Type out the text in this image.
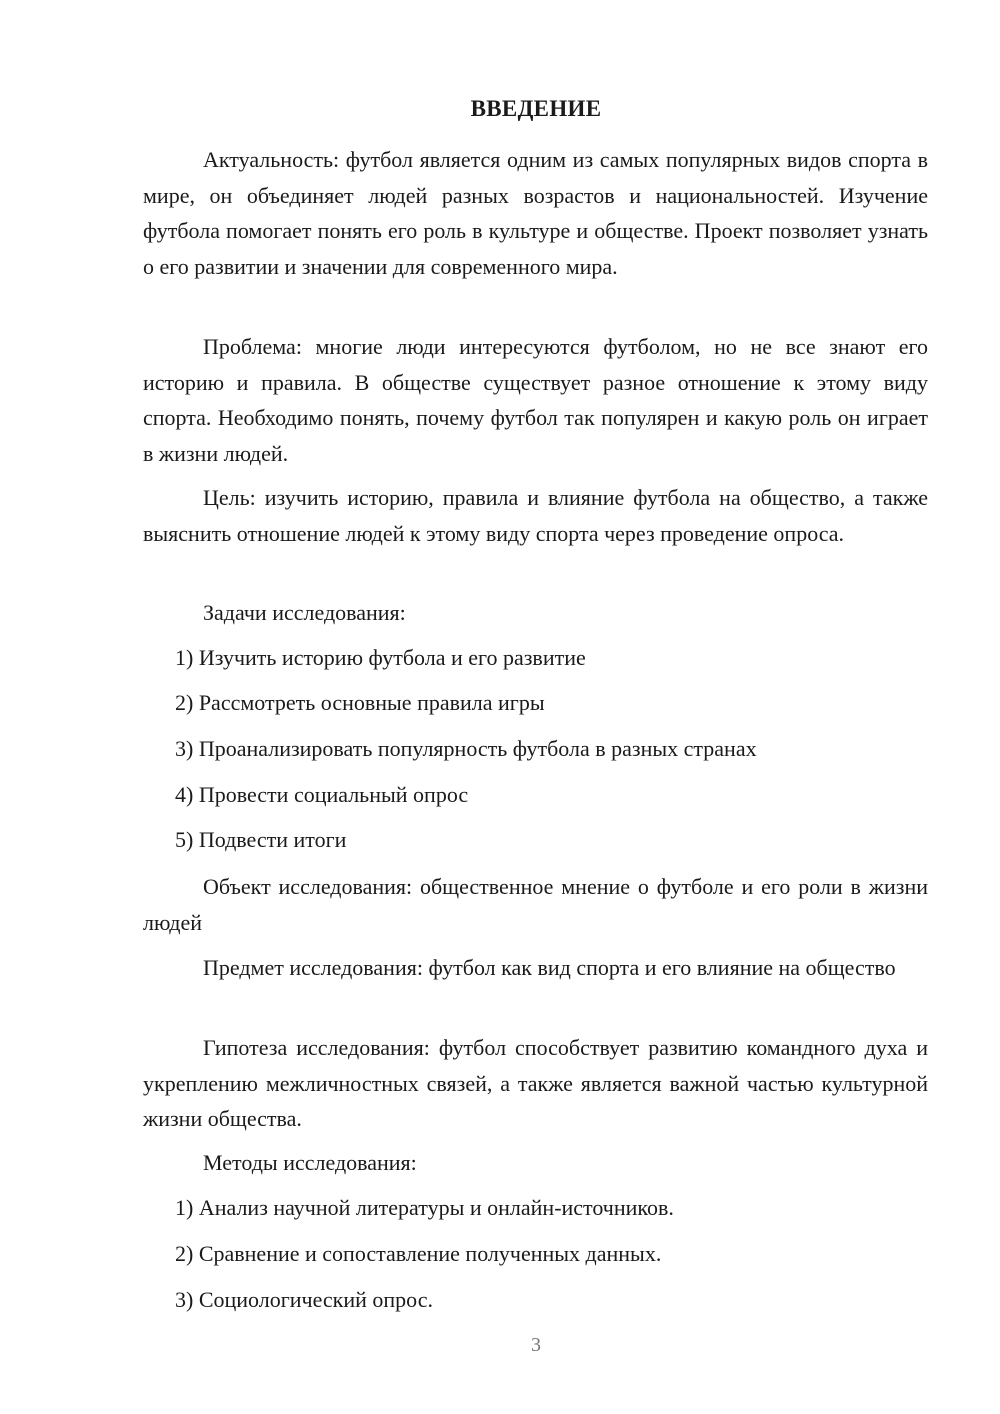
ВВЕДЕНИЕ

Актуальность: футбол является одним из самых популярных видов спорта в мире, он объединяет людей разных возрастов и национальностей. Изучение футбола помогает понять его роль в культуре и обществе. Проект позволяет узнать о его развитии и значении для современного мира.

Проблема: многие люди интересуются футболом, но не все знают его историю и правила. В обществе существует разное отношение к этому виду спорта. Необходимо понять, почему футбол так популярен и какую роль он играет в жизни людей.

Цель: изучить историю, правила и влияние футбола на общество, а также выяснить отношение людей к этому виду спорта через проведение опроса.

Задачи исследования:
1) Изучить историю футбола и его развитие
2) Рассмотреть основные правила игры
3) Проанализировать популярность футбола в разных странах
4) Провести социальный опрос
5) Подвести итоги

Объект исследования: общественное мнение о футболе и его роли в жизни людей

Предмет исследования: футбол как вид спорта и его влияние на общество

Гипотеза исследования: футбол способствует развитию командного духа и укреплению межличностных связей, а также является важной частью культурной жизни общества.

Методы исследования:
1) Анализ научной литературы и онлайн-источников.
2) Сравнение и сопоставление полученных данных.
3) Социологический опрос.
3
